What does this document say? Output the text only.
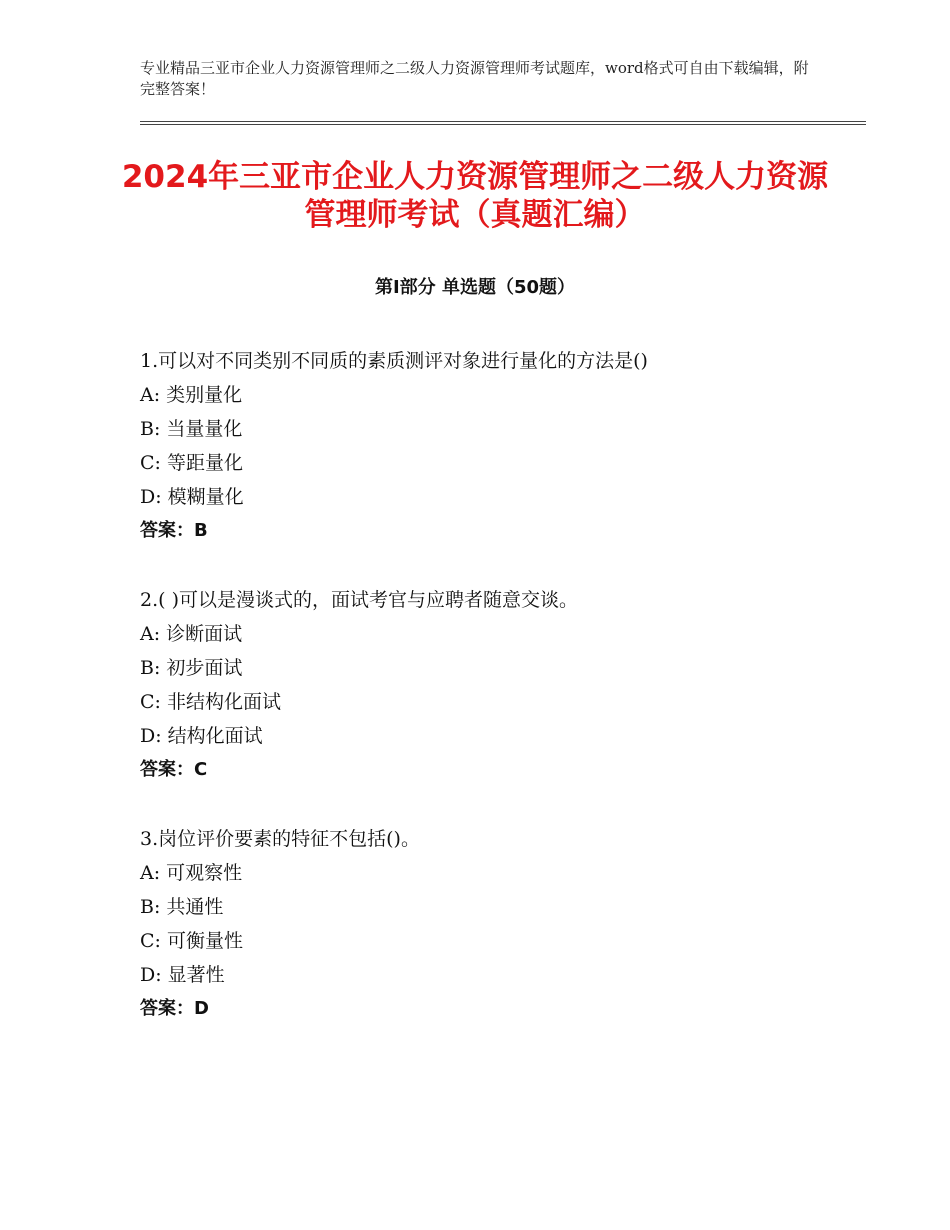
专业精品三亚市企业人力资源管理师之二级人力资源管理师考试题库，word格式可自由下载编辑，附完整答案！
2024年三亚市企业人力资源管理师之二级人力资源管理师考试（真题汇编）
第Ⅰ部分 单选题（50题）
1.可以对不同类别不同质的素质测评对象进行量化的方法是()
A: 类别量化
B: 当量量化
C: 等距量化
D: 模糊量化
答案：B
2.( )可以是漫谈式的，面试考官与应聘者随意交谈。
A: 诊断面试
B: 初步面试
C: 非结构化面试
D: 结构化面试
答案：C
3.岗位评价要素的特征不包括()。
A: 可观察性
B: 共通性
C: 可衡量性
D: 显著性
答案：D
